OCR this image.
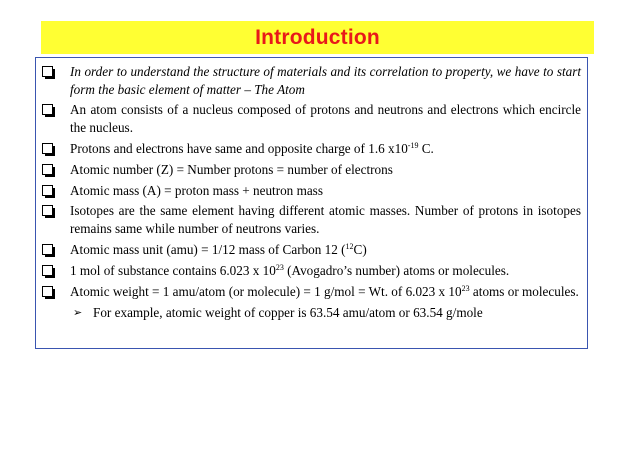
Introduction
In order to understand the structure of materials and its correlation to property, we have to start form the basic element of matter – The Atom
An atom consists of a nucleus composed of protons and neutrons and electrons which encircle the nucleus.
Protons and electrons have same and opposite charge of 1.6 $x10^{-19}$ C.
Atomic number (Z) = Number protons = number of electrons
Atomic mass (A) = proton mass + neutron mass
Isotopes are the same element having different atomic masses. Number of protons in isotopes remains same while number of neutrons varies.
Atomic mass unit (amu) = 1/12 mass of Carbon 12 ($^{12}$C)
1 mol of substance contains 6.023 x $10^{23}$ (Avogadro’s number) atoms or molecules.
Atomic weight = 1 amu/atom (or molecule) = 1 g/mol = Wt. of 6.023 x $10^{23}$ atoms or molecules.
➢ For example, atomic weight of copper is 63.54 amu/atom or 63.54 g/mole
